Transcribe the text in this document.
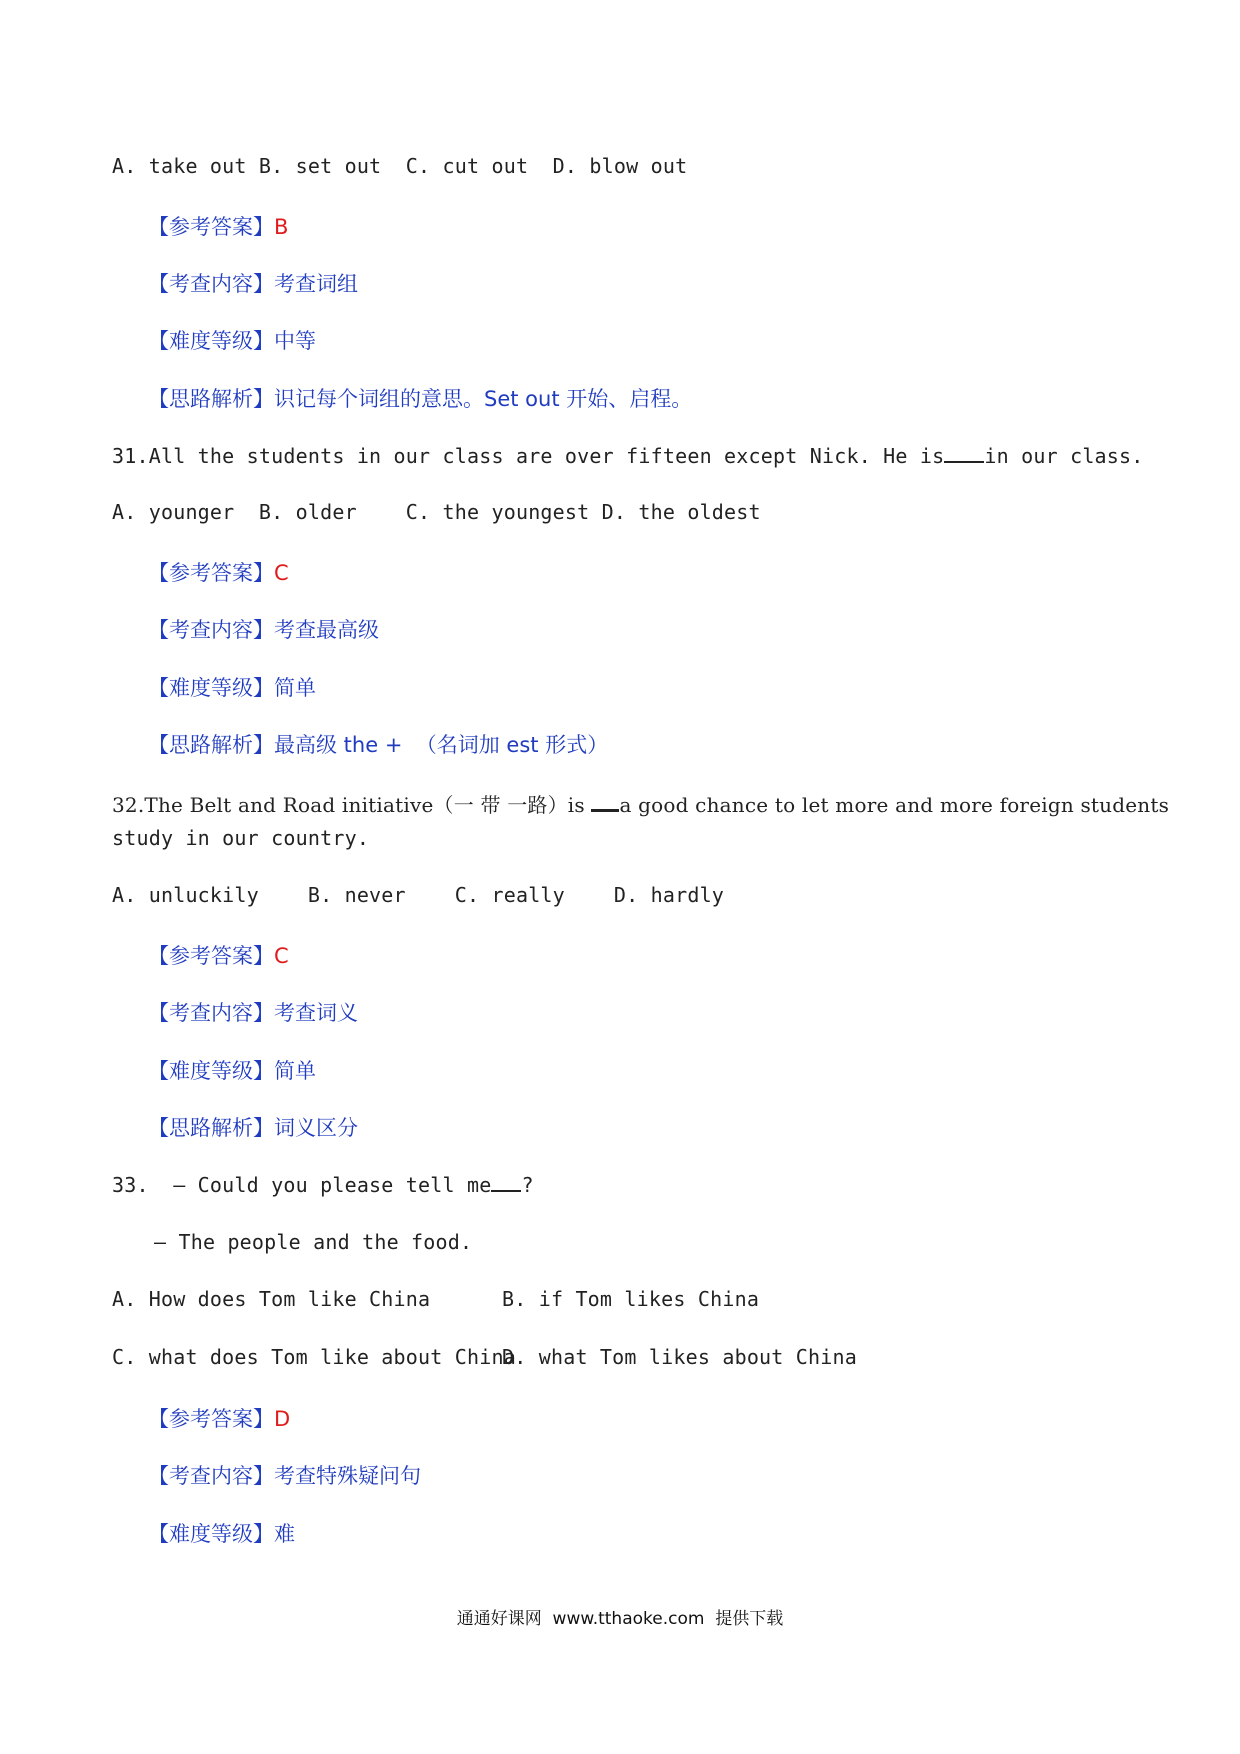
A. take out B. set out  C. cut out  D. blow out
【参考答案】B
【考查内容】考查词组
【难度等级】中等
【思路解析】识记每个词组的意思。Set out 开始、启程。
31.All the students in our class are over fifteen except Nick. He is in our class.
A. younger  B. older    C. the youngest D. the oldest
【参考答案】C
【考查内容】考查最高级
【难度等级】简单
【思路解析】最高级 the +  （名词加 est 形式）
32.The Belt and Road initiative（一 带 一路）is a good chance to let more and more foreign students
study in our country.
A. unluckily    B. never    C. really    D. hardly
【参考答案】C
【考查内容】考查词义
【难度等级】简单
【思路解析】词义区分
33.  — Could you please tell me ?
— The people and the food.
A. How does Tom like China	B. if Tom likes China
C. what does Tom like about China
D. what Tom likes about China
【参考答案】D
【考查内容】考查特殊疑问句
【难度等级】难
通通好课网  www.tthaoke.com  提供下载
